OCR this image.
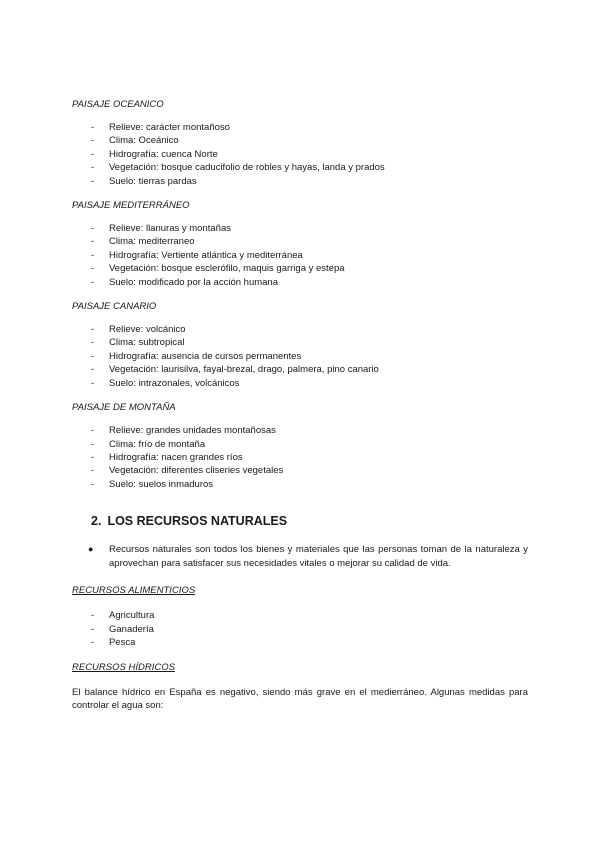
PAISAJE OCEANICO

- Relieve: carácter montañoso
- Clima: Oceánico
- Hidrografía: cuenca Norte
- Vegetación: bosque caducifolio de robles y hayas, landa y prados
- Suelo: tierras pardas

PAISAJE MEDITERRÁNEO

- Relieve: llanuras y montañas
- Clima: mediterraneo
- Hidrografía: Vertiente atlántica y mediterránea
- Vegetación: bosque esclerófilo, maquis garriga y estepa
- Suelo: modificado por la acción humana

PAISAJE CANARIO

- Relieve: volcánico
- Clima: subtropical
- Hidrografía: ausencia de cursos permanentes
- Vegetación: laurisilva, fayal-brezal, drago, palmera, pino canario
- Suelo: intrazonales, volcánicos

PAISAJE DE MONTAÑA

- Relieve: grandes unidades montañosas
- Clima: frío de montaña
- Hidrografía: nacen grandes ríos
- Vegetación: diferentes cliseries vegetales
- Suelo: suelos inmaduros
2. LOS RECURSOS NATURALES

● Recursos naturales son todos los bienes y materiales que las personas toman de la naturaleza y aprovechan para satisfacer sus necesidades vitales o mejorar su calidad de vida.

RECURSOS ALIMENTICIOS

- Agricultura
- Ganadería
- Pesca

RECURSOS HÍDRICOS

El balance hídrico en España es negativo, siendo más grave en el medierráneo. Algunas medidas para controlar el agua son:
